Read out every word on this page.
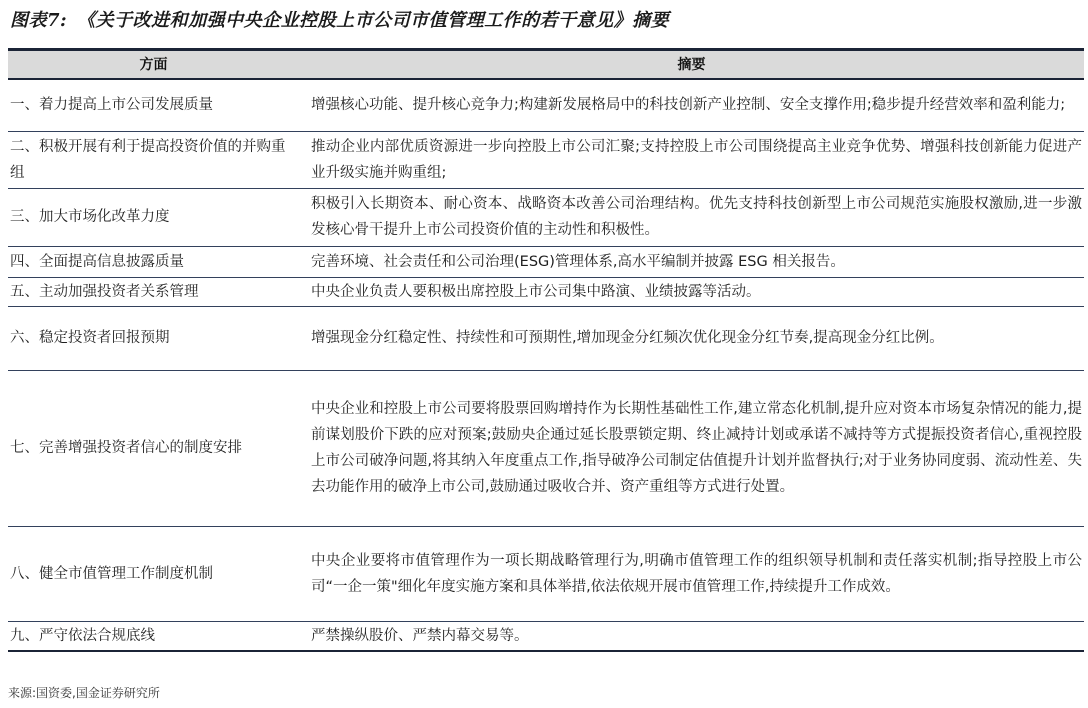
图表7: 《关于改进和加强中央企业控股上市公司市值管理工作的若干意见》摘要
方面	摘要
一、着力提高上市公司发展质量	增强核心功能、提升核心竞争力;构建新发展格局中的科技创新产业控制、安全支撑作用;稳步提升经营效率和盈利能力;
二、积极开展有利于提高投资价值的并购重组	推动企业内部优质资源进一步向控股上市公司汇聚;支持控股上市公司围绕提高主业竞争优势、增强科技创新能力促进产业升级实施并购重组;
三、加大市场化改革力度	积极引入长期资本、耐心资本、战略资本改善公司治理结构。优先支持科技创新型上市公司规范实施股权激励,进一步激发核心骨干提升上市公司投资价值的主动性和积极性。
四、全面提高信息披露质量	完善环境、社会责任和公司治理(ESG)管理体系,高水平编制并披露 ESG 相关报告。
五、主动加强投资者关系管理	中央企业负责人要积极出席控股上市公司集中路演、业绩披露等活动。
六、稳定投资者回报预期	增强现金分红稳定性、持续性和可预期性,增加现金分红频次优化现金分红节奏,提高现金分红比例。
七、完善增强投资者信心的制度安排	中央企业和控股上市公司要将股票回购增持作为长期性基础性工作,建立常态化机制,提升应对资本市场复杂情况的能力,提前谋划股价下跌的应对预案;鼓励央企通过延长股票锁定期、终止减持计划或承诺不减持等方式提振投资者信心,重视控股上市公司破净问题,将其纳入年度重点工作,指导破净公司制定估值提升计划并监督执行;对于业务协同度弱、流动性差、失去功能作用的破净上市公司,鼓励通过吸收合并、资产重组等方式进行处置。
八、健全市值管理工作制度机制	中央企业要将市值管理作为一项长期战略管理行为,明确市值管理工作的组织领导机制和责任落实机制;指导控股上市公司“一企一策"细化年度实施方案和具体举措,依法依规开展市值管理工作,持续提升工作成效。
九、严守依法合规底线	严禁操纵股价、严禁内幕交易等。
来源:国资委,国金证券研究所
